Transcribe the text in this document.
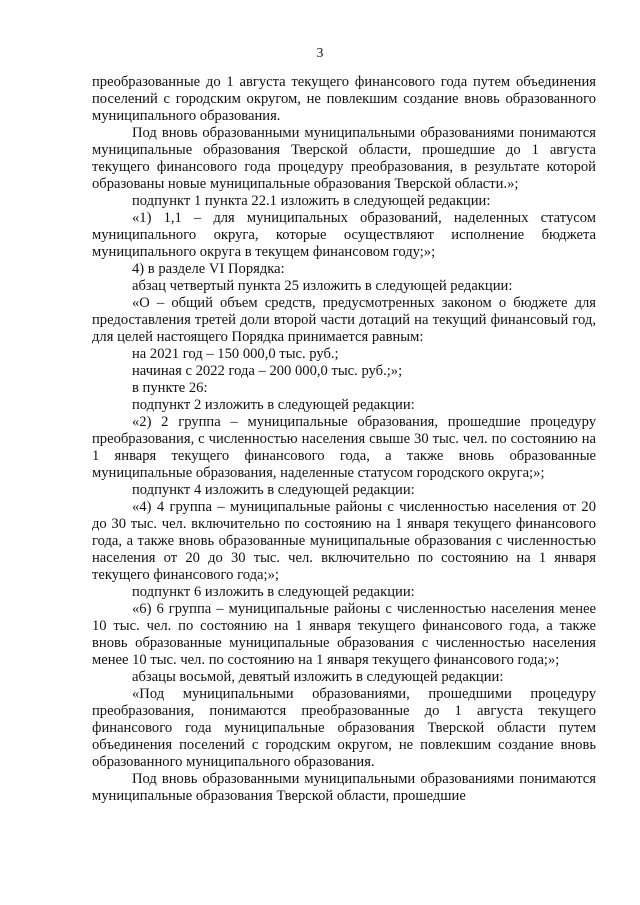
3

преобразованные до 1 августа текущего финансового года путем объединения поселений с городским округом, не повлекшим создание вновь образованного муниципального образования.

Под вновь образованными муниципальными образованиями понимаются муниципальные образования Тверской области, прошедшие до 1 августа текущего финансового года процедуру преобразования, в результате которой образованы новые муниципальные образования Тверской области.»;

подпункт 1 пункта 22.1 изложить в следующей редакции:

«1) 1,1 – для муниципальных образований, наделенных статусом муниципального округа, которые осуществляют исполнение бюджета муниципального округа в текущем финансовом году;»;

4) в разделе VI Порядка:

абзац четвертый пункта 25 изложить в следующей редакции:

«O – общий объем средств, предусмотренных законом о бюджете для предоставления третей доли второй части дотаций на текущий финансовый год, для целей настоящего Порядка принимается равным:

на 2021 год – 150 000,0 тыс. руб.;

начиная с 2022 года – 200 000,0 тыс. руб.;»;

в пункте 26:

подпункт 2 изложить в следующей редакции:

«2) 2 группа – муниципальные образования, прошедшие процедуру преобразования, с численностью населения свыше 30 тыс. чел. по состоянию на 1 января текущего финансового года, а также вновь образованные муниципальные образования, наделенные статусом городского округа;»;

подпункт 4 изложить в следующей редакции:

«4) 4 группа – муниципальные районы с численностью населения от 20 до 30 тыс. чел. включительно по состоянию на 1 января текущего финансового года, а также вновь образованные муниципальные образования с численностью населения от 20 до 30 тыс. чел. включительно по состоянию на 1 января текущего финансового года;»;

подпункт 6 изложить в следующей редакции:

«6) 6 группа – муниципальные районы с численностью населения менее 10 тыс. чел. по состоянию на 1 января текущего финансового года, а также вновь образованные муниципальные образования с численностью населения менее 10 тыс. чел. по состоянию на 1 января текущего финансового года;»;

абзацы восьмой, девятый изложить в следующей редакции:

«Под муниципальными образованиями, прошедшими процедуру преобразования, понимаются преобразованные до 1 августа текущего финансового года муниципальные образования Тверской области путем объединения поселений с городским округом, не повлекшим создание вновь образованного муниципального образования.

Под вновь образованными муниципальными образованиями понимаются муниципальные образования Тверской области, прошедшие
